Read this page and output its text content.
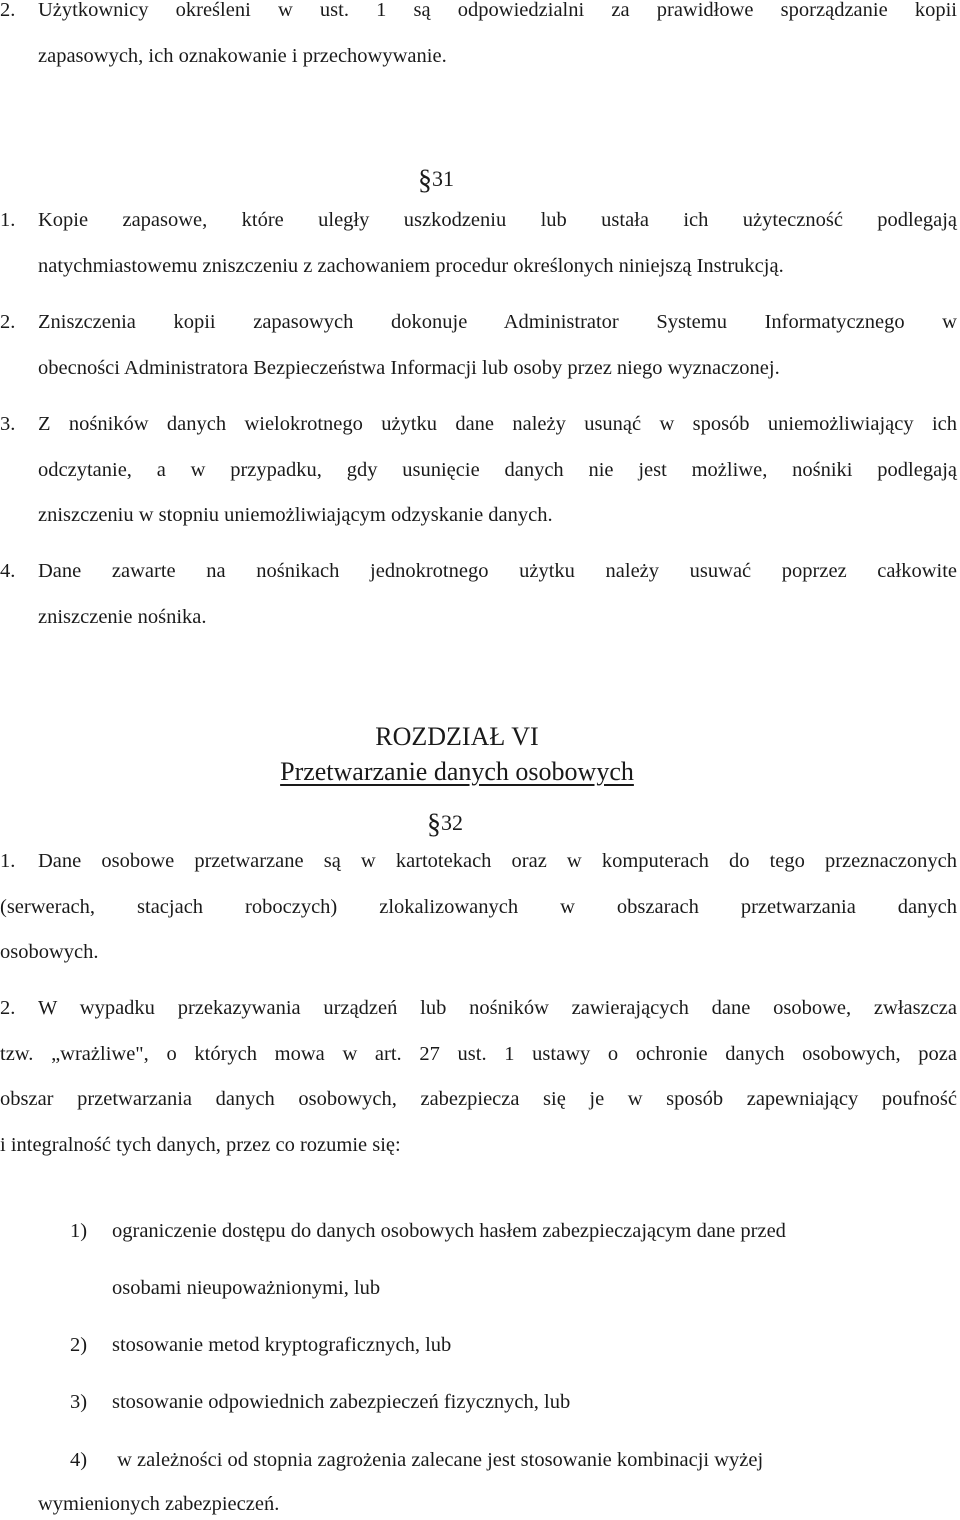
2. Użytkownicy określeni w ust. 1 są odpowiedzialni za prawidłowe sporządzanie kopii
zapasowych, ich oznakowanie i przechowywanie.
§31
1. Kopie zapasowe, które uległy uszkodzeniu lub ustała ich użyteczność podlegają
natychmiastowemu zniszczeniu z zachowaniem procedur określonych niniejszą Instrukcją.
2. Zniszczenia kopii zapasowych dokonuje Administrator Systemu Informatycznego w
obecności Administratora Bezpieczeństwa Informacji lub osoby przez niego wyznaczonej.
3. Z nośników danych wielokrotnego użytku dane należy usunąć w sposób uniemożliwiający ich
odczytanie, a w przypadku, gdy usunięcie danych nie jest możliwe, nośniki podlegają
zniszczeniu w stopniu uniemożliwiającym odzyskanie danych.
4. Dane zawarte na nośnikach jednokrotnego użytku należy usuwać poprzez całkowite
zniszczenie nośnika.
ROZDZIAŁ VI
Przetwarzanie danych osobowych
§32
1. Dane osobowe przetwarzane są w kartotekach oraz w komputerach do tego przeznaczonych
(serwerach, stacjach roboczych) zlokalizowanych w obszarach przetwarzania danych
osobowych.
2. W wypadku przekazywania urządzeń lub nośników zawierających dane osobowe, zwłaszcza
tzw. „wrażliwe", o których mowa w art. 27 ust. 1 ustawy o ochronie danych osobowych, poza
obszar przetwarzania danych osobowych, zabezpiecza się je w sposób zapewniający poufność
i integralność tych danych, przez co rozumie się:
1) ograniczenie dostępu do danych osobowych hasłem zabezpieczającym dane przed
osobami nieupoważnionymi, lub
2) stosowanie metod kryptograficznych, lub
3) stosowanie odpowiednich zabezpieczeń fizycznych, lub
4) w zależności od stopnia zagrożenia zalecane jest stosowanie kombinacji wyżej
wymienionych zabezpieczeń.
